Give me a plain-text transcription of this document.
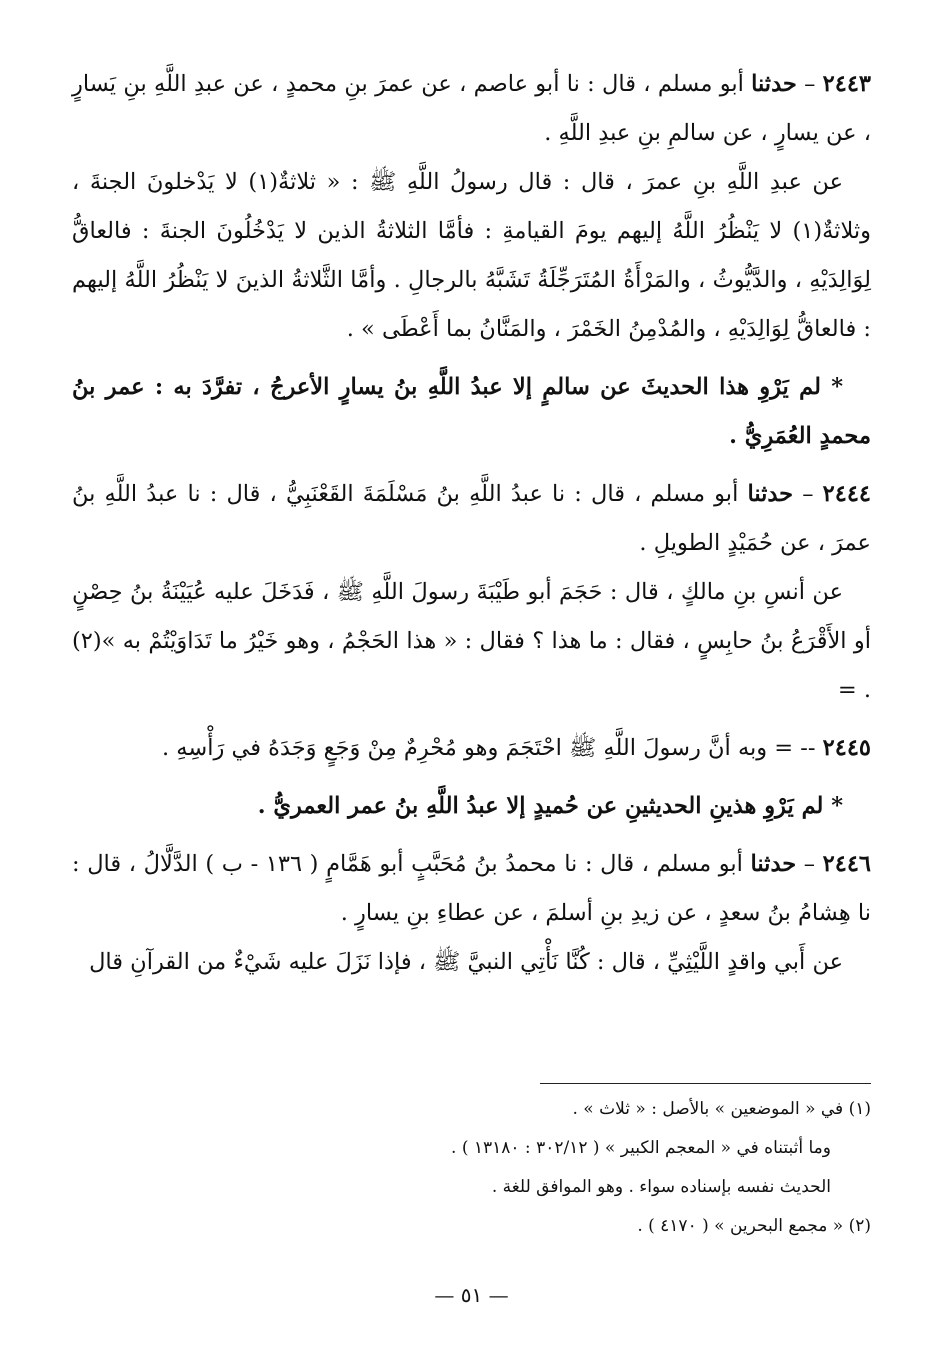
٢٤٤٣ – حدثنا أبو مسلم ، قال : نا أبو عاصم ، عن عمرَ بنِ محمدٍ ، عن عبدِ اللَّهِ بنِ يَسارٍ ، عن يسارٍ ، عن سالمِ بنِ عبدِ اللَّهِ .

عن عبدِ اللَّهِ بنِ عمرَ ، قال : قال رسولُ اللَّهِ ﷺ : « ثلاثةٌ(١) لا يَدْخلونَ الجنةَ ، وثلاثةٌ(١) لا يَنْظُرُ اللَّهُ إليهم يومَ القيامةِ : فأمَّا الثلاثةُ الذين لا يَدْخُلُونَ الجنةَ : فالعاقُّ لِوَالِدَيْهِ ، والدَّيُّوثُ ، والمَرْأَةُ المُتَرَجِّلَةُ تَشَبَّهُ بالرجالِ . وأمَّا الثَّلاثةُ الذينَ لا يَنْظُرُ اللَّهُ إليهم : فالعاقُّ لِوَالِدَيْهِ ، والمُدْمِنُ الخَمْرَ ، والمَنَّانُ بما أَعْطَى » .

* لم يَرْوِ هذا الحديثَ عن سالمٍ إلا عبدُ اللَّهِ بنُ يسارٍ الأعرجُ ، تفرَّدَ به : عمر بنُ محمدٍ العُمَرِيُّ .

٢٤٤٤ – حدثنا أبو مسلم ، قال : نا عبدُ اللَّهِ بنُ مَسْلَمَةَ القَعْنَبِيُّ ، قال : نا عبدُ اللَّهِ بنُ عمرَ ، عن حُمَيْدٍ الطويلِ .

عن أنسِ بنِ مالكٍ ، قال : حَجَمَ أبو طَيْبَةَ رسولَ اللَّهِ ﷺ ، فَدَخَلَ عليه عُيَيْنَةُ بنُ حِصْنٍ أو الأَقْرَعُ بنُ حابِسٍ ، فقال : ما هذا ؟ فقال : « هذا الحَجْمُ ، وهو خَيْرُ ما تَدَاوَيْتُمْ به »(٢) . =

٢٤٤٥ -- = وبه أنَّ رسولَ اللَّهِ ﷺ احْتَجَمَ وهو مُحْرِمٌ مِنْ وَجَعٍ وَجَدَهُ في رَأْسِهِ .

* لم يَرْوِ هذينِ الحديثينِ عن حُميدٍ إلا عبدُ اللَّهِ بنُ عمر العمريُّ .

٢٤٤٦ – حدثنا أبو مسلم ، قال : نا محمدُ بنُ مُحَبَّبٍ أبو هَمَّامٍ ( ١٣٦ - ب ) الدَّلَّالُ ، قال : نا هِشامُ بنُ سعدٍ ، عن زيدِ بنِ أسلمَ ، عن عطاءِ بنِ يسارٍ .

عن أَبي واقدٍ اللَّيْثِيِّ ، قال : كُنَّا نَأْتِي النبيَّ ﷺ ، فإذا نَزَلَ عليه شَيْءٌ من القرآنِ قال

(١) في « الموضعين » بالأصل : « ثلاث » .

وما أثبتناه في « المعجم الكبير » ( ٣٠٢/١٢ : ١٣١٨٠ ) .

الحديث نفسه بإسناده سواء . وهو الموافق للغة .

(٢) « مجمع البحرين » ( ٤١٧٠ ) .

— ٥١ —
